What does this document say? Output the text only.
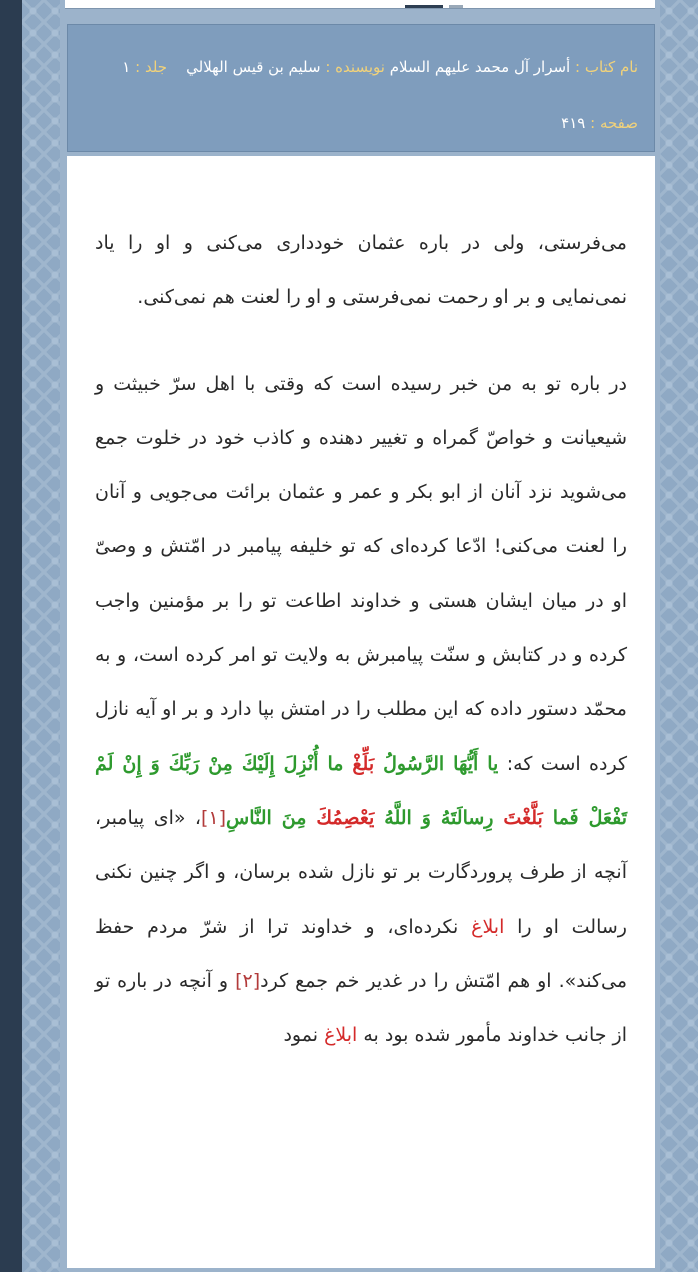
نام کتاب : أسرار آل محمد عليهم السلام نويسنده : سلیم بن قیس الهلالي    جلد : ۱
صفحه : ۴۱۹
می‌فرستی، ولی در باره عثمان خودداری می‌کنی و او را یاد نمی‌نمایی و بر او رحمت نمی‌فرستی و او را لعنت هم نمی‌کنی.
در باره تو به من خبر رسیده است که وقتی با اهل سرّ خبیثت و شیعیانت و خواصّ گمراه و تغییر دهنده و کاذب خود در خلوت جمع می‌شوید نزد آنان از ابو بکر و عمر و عثمان برائت می‌جویی و آنان را لعنت می‌کنی! ادّعا کرده‌ای که تو خلیفه پیامبر در امّتش و وصیّ او در میان ایشان هستی و خداوند اطاعت تو را بر مؤمنین واجب کرده و در کتابش و سنّت پیامبرش به ولایت تو امر کرده است، و به محمّد دستور داده که این مطلب را در امتش بپا دارد و بر او آیه نازل کرده است که: یا أَیُّهَا الرَّسُولُ بَلِّغْ ما أُنْزِلَ إِلَیْكَ مِنْ رَبِّكَ وَ إِنْ لَمْ تَفْعَلْ فَما بَلَّغْتَ رِسالَتَهُ وَ اللَّهُ یَعْصِمُكَ مِنَ النَّاسِ[۱]، «ای پیامبر، آنچه از طرف پروردگارت بر تو نازل شده برسان، و اگر چنین نکنی رسالت او را ابلاغ نکرده‌ای، و خداوند ترا از شرّ مردم حفظ می‌کند». او هم امّتش را در غدیر خم جمع کرد[۲] و آنچه در باره تو از جانب خداوند مأمور شده بود به ابلاغ نمود
